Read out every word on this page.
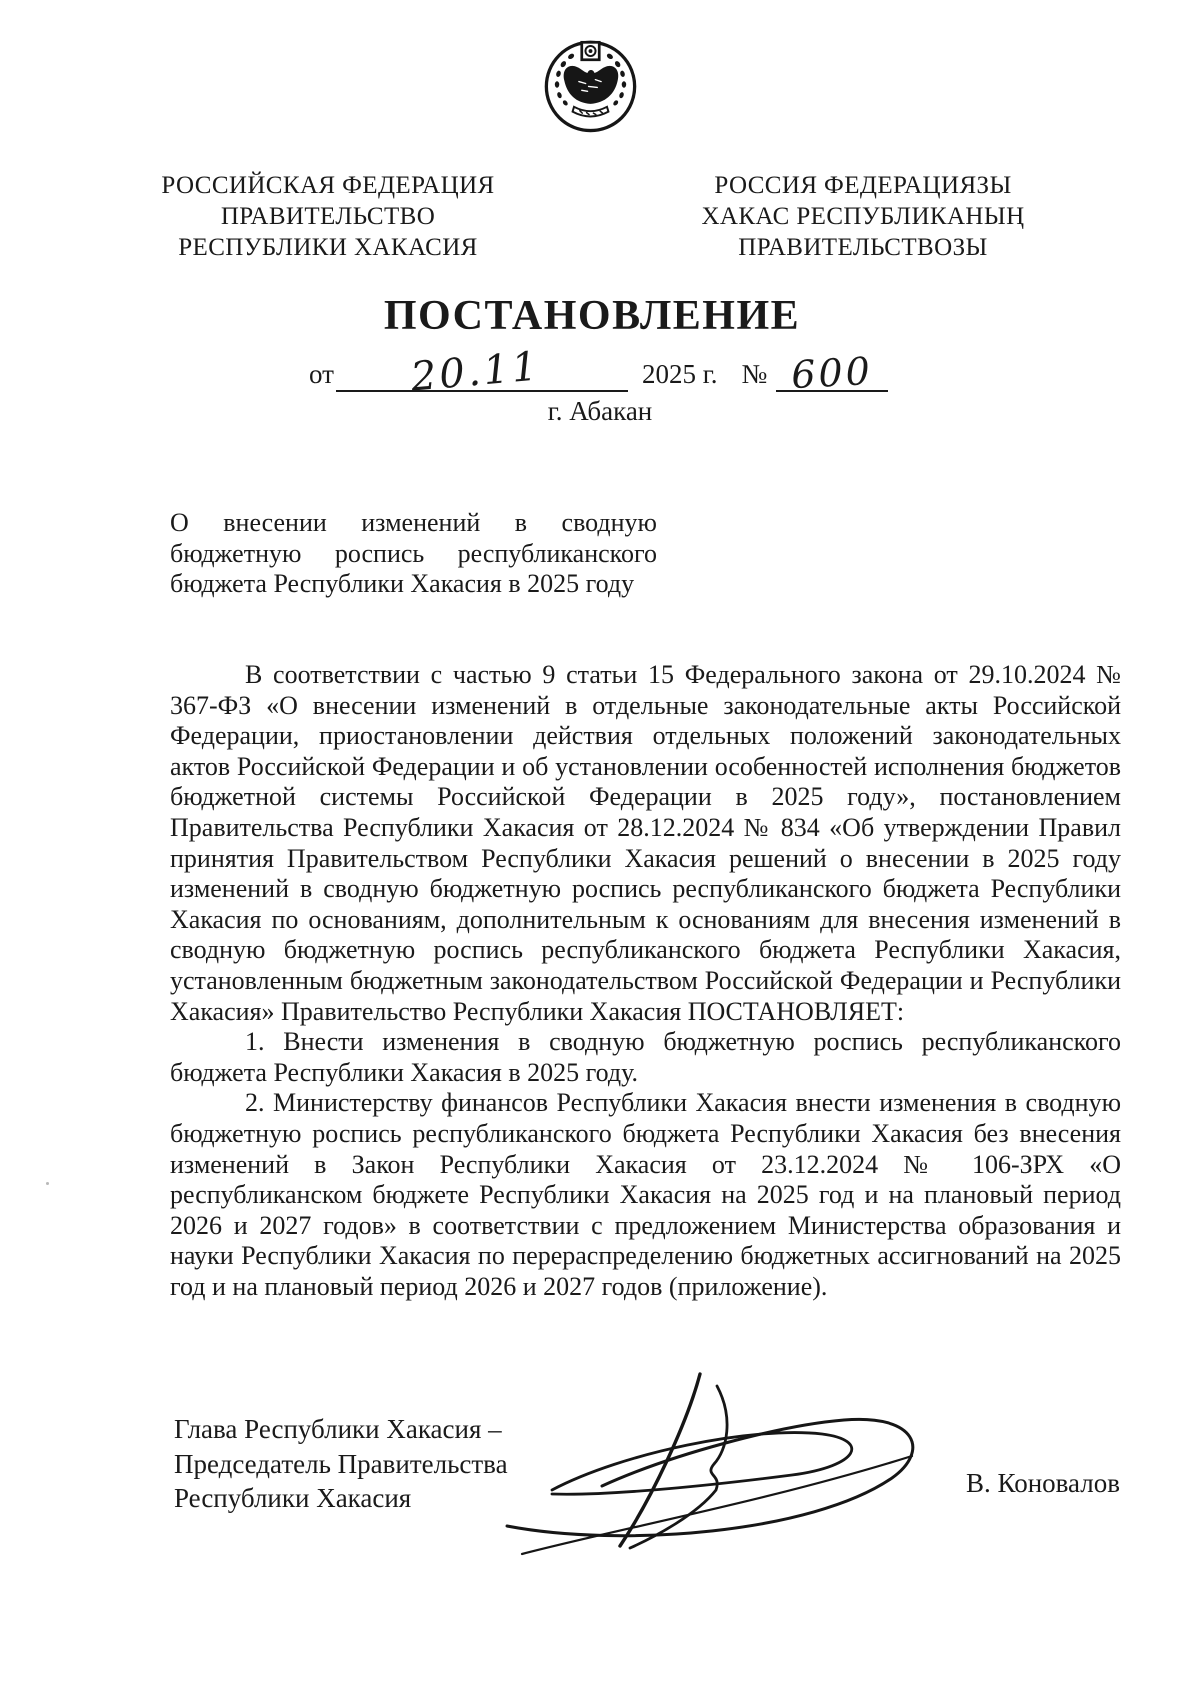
РОССИЙСКАЯ ФЕДЕРАЦИЯ
ПРАВИТЕЛЬСТВО
РЕСПУБЛИКИ ХАКАСИЯ
РОССИЯ ФЕДЕРАЦИЯЗЫ
ХАКАС РЕСПУБЛИКАНЫҢ
ПРАВИТЕЛЬСТВОЗЫ
ПОСТАНОВЛЕНИЕ
от 20.11	2025 г. № 600
г. Абакан
О внесении изменений в сводную бюджетную роспись республиканского бюджета Республики Хакасия в 2025 году

В соответствии с частью 9 статьи 15 Федерального закона от 29.10.2024 № 367-ФЗ «О внесении изменений в отдельные законодательные акты Российской Федерации, приостановлении действия отдельных положений законодательных актов Российской Федерации и об установлении особенностей исполнения бюджетов бюджетной системы Российской Федерации в 2025 году», постановлением Правительства Республики Хакасия от 28.12.2024 № 834 «Об утверждении Правил принятия Правительством Республики Хакасия решений о внесении в 2025 году изменений в сводную бюджетную роспись республиканского бюджета Республики Хакасия по основаниям, дополнительным к основаниям для внесения изменений в сводную бюджетную роспись республиканского бюджета Республики Хакасия, установленным бюджетным законодательством Российской Федерации и Республики Хакасия» Правительство Республики Хакасия ПОСТАНОВЛЯЕТ:

1. Внести изменения в сводную бюджетную роспись республиканского бюджета Республики Хакасия в 2025 году.

2. Министерству финансов Республики Хакасия внести изменения в сводную бюджетную роспись республиканского бюджета Республики Хакасия без внесения изменений в Закон Республики Хакасия от 23.12.2024 № 106-ЗРХ «О республиканском бюджете Республики Хакасия на 2025 год и на плановый период 2026 и 2027 годов» в соответствии с предложением Министерства образования и науки Республики Хакасия по перераспределению бюджетных ассигнований на 2025 год и на плановый период 2026 и 2027 годов (приложение).

Глава Республики Хакасия –
Председатель Правительства
Республики Хакасия	В. Коновалов
